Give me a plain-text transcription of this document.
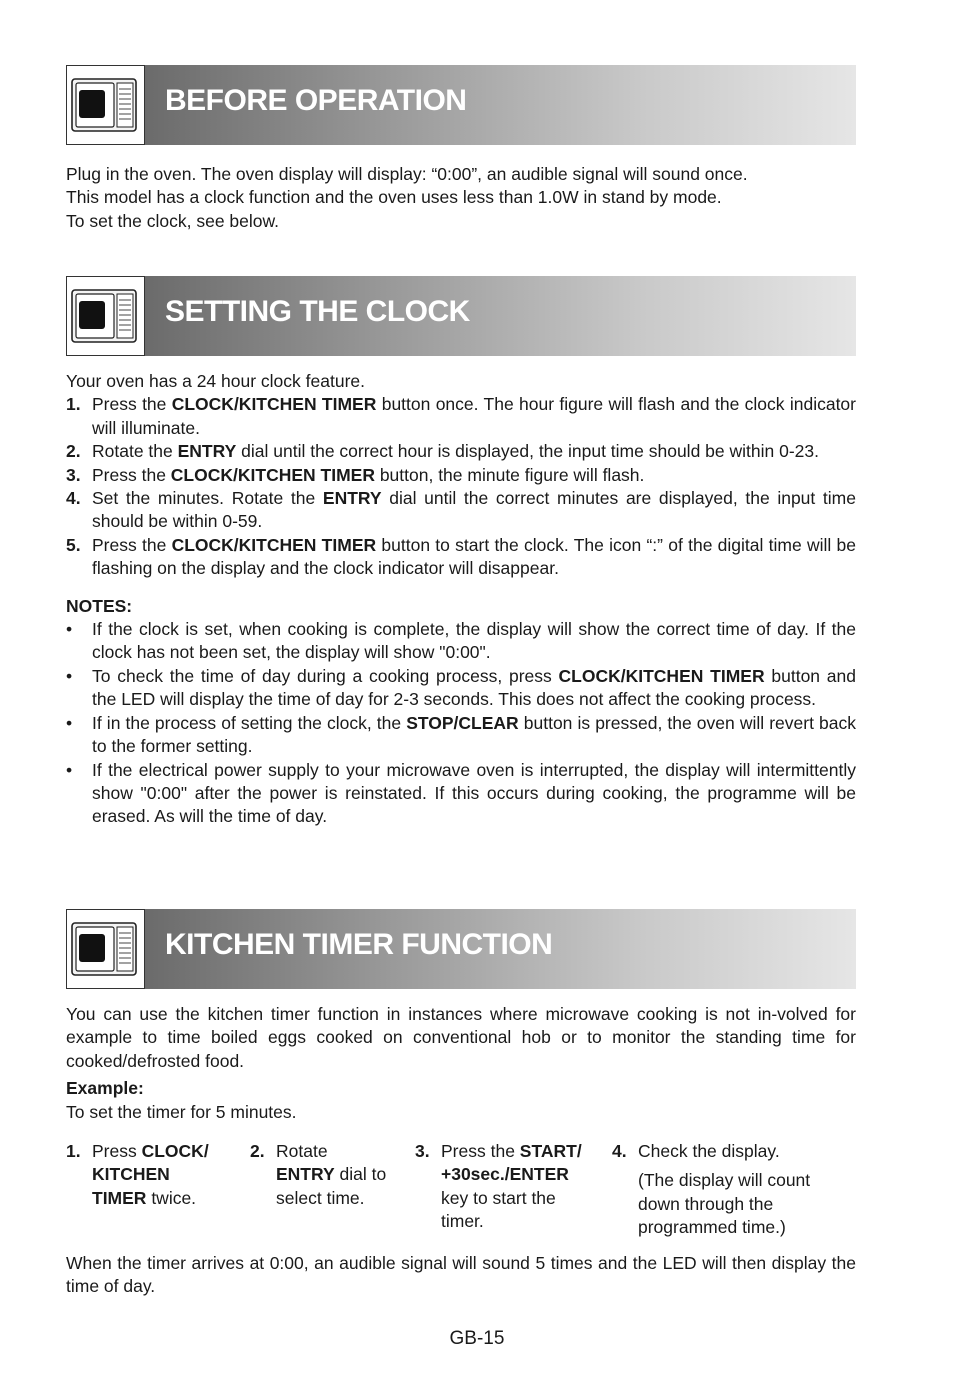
BEFORE OPERATION
Plug in the oven. The oven display will display: “0:00”, an audible signal will sound once.
This model has a clock function and the oven uses less than 1.0W in stand by mode.
To set the clock, see below.
SETTING THE CLOCK
Your oven has a 24 hour clock feature.
1. Press the CLOCK/KITCHEN TIMER button once. The hour figure will flash and the clock indicator will illuminate.
2. Rotate the ENTRY dial until the correct hour is displayed, the input time should be within 0-23.
3. Press the CLOCK/KITCHEN TIMER button, the minute figure will flash.
4. Set the minutes. Rotate the ENTRY dial until the correct minutes are displayed, the input time should be within 0-59.
5. Press the CLOCK/KITCHEN TIMER button to start the clock. The icon “:” of the digital time will be flashing on the display and the clock indicator will disappear.
NOTES:
• If the clock is set, when cooking is complete, the display will show the correct time of day. If the clock has not been set, the display will show "0:00".
• To check the time of day during a cooking process, press CLOCK/KITCHEN TIMER button and the LED will display the time of day for 2-3 seconds. This does not affect the cooking process.
• If in the process of setting the clock, the STOP/CLEAR button is pressed, the oven will revert back to the former setting.
• If the electrical power supply to your microwave oven is interrupted, the display will intermittently show "0:00" after the power is reinstated. If this occurs during cooking, the programme will be erased. As will the time of day.
KITCHEN TIMER FUNCTION
You can use the kitchen timer function in instances where microwave cooking is not in-volved for example to time boiled eggs cooked on conventional hob or to monitor the standing time for cooked/defrosted food.
Example:
To set the timer for 5 minutes.
1. Press CLOCK/
KITCHEN
TIMER twice.
2. Rotate
ENTRY dial to
select time.
3. Press the START/
+30sec./ENTER
key to start the
timer.
4. Check the display.
(The display will count
down through the
programmed time.)
When the timer arrives at 0:00, an audible signal will sound 5 times and the LED will then display the time of day.
GB-15
